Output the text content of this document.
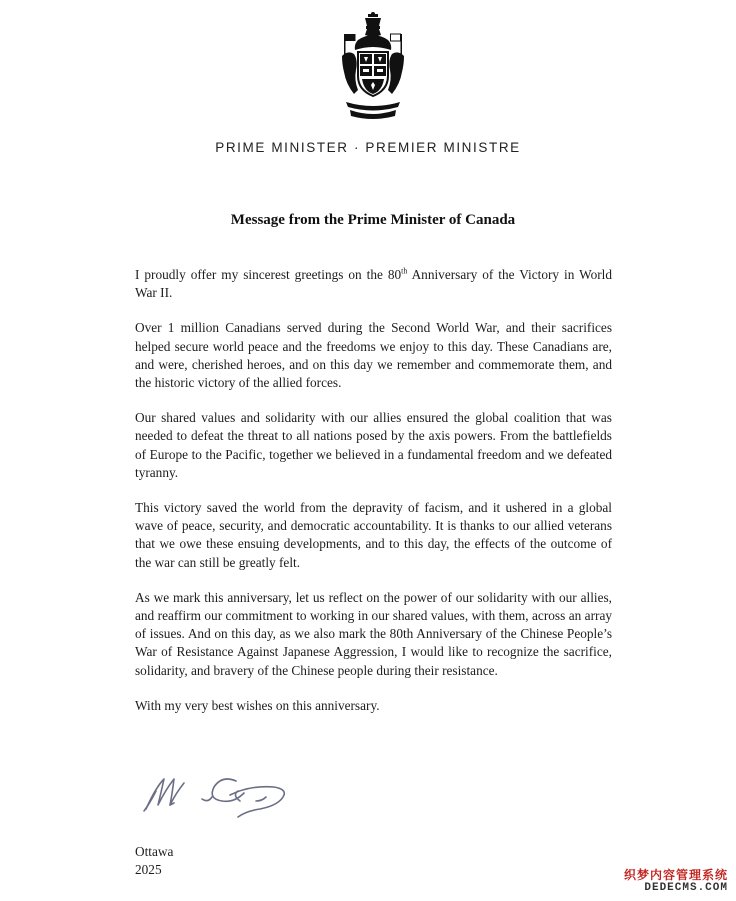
PRIME MINISTER · PREMIER MINISTRE
Message from the Prime Minister of Canada

I proudly offer my sincerest greetings on the 80th Anniversary of the Victory in World War II.

Over 1 million Canadians served during the Second World War, and their sacrifices helped secure world peace and the freedoms we enjoy to this day. These Canadians are, and were, cherished heroes, and on this day we remember and commemorate them, and the historic victory of the allied forces.

Our shared values and solidarity with our allies ensured the global coalition that was needed to defeat the threat to all nations posed by the axis powers. From the battlefields of Europe to the Pacific, together we believed in a fundamental freedom and we defeated tyranny.

This victory saved the world from the depravity of facism, and it ushered in a global wave of peace, security, and democratic accountability. It is thanks to our allied veterans that we owe these ensuing developments, and to this day, the effects of the outcome of the war can still be greatly felt.

As we mark this anniversary, let us reflect on the power of our solidarity with our allies, and reaffirm our commitment to working in our shared values, with them, across an array of issues. And on this day, as we also mark the 80th Anniversary of the Chinese People’s War of Resistance Against Japanese Aggression, I would like to recognize the sacrifice, solidarity, and bravery of the Chinese people during their resistance.

With my very best wishes on this anniversary.

Ottawa
2025	织梦内容管理系统
DEDECMS.COM
